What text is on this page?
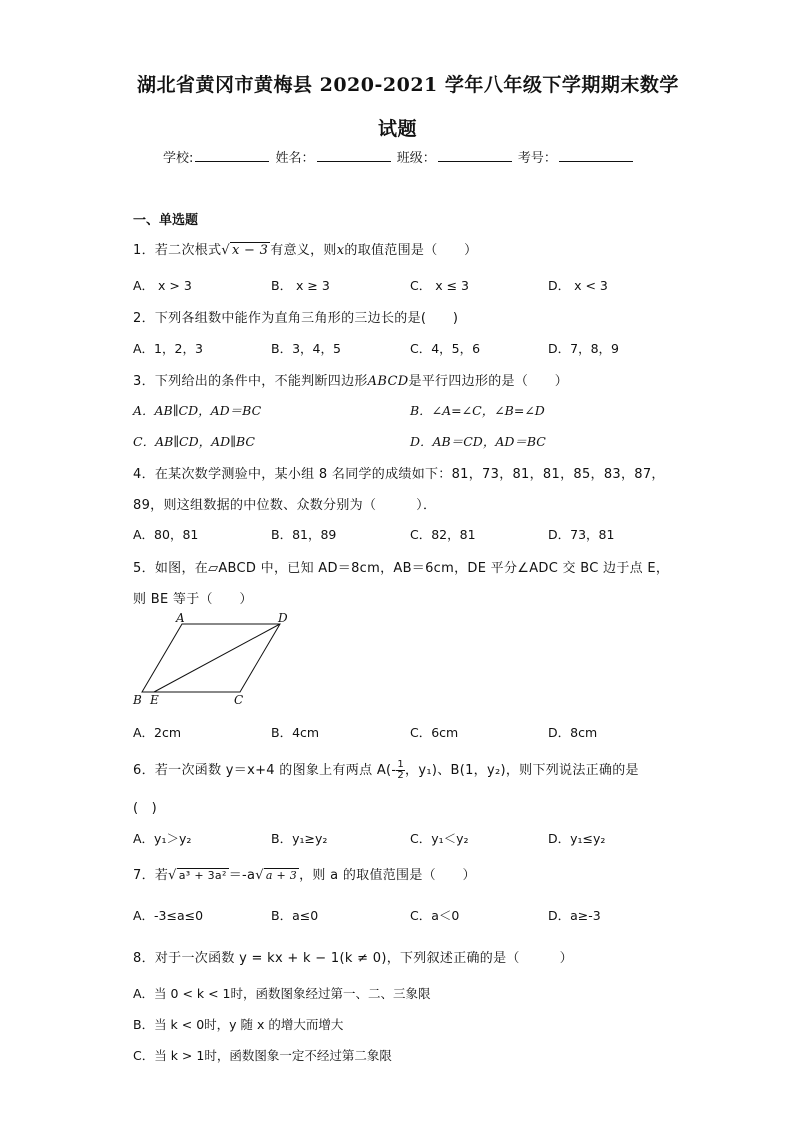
湖北省黄冈市黄梅县 2020-2021 学年八年级下学期期末数学
试题
学校:	姓名：	班级：	考号：
一、单选题
1．若二次根式√ x − 3 有意义，则x的取值范围是（　　）
A． x > 3	B． x ≥ 3	C． x ≤ 3	D． x < 3
2．下列各组数中能作为直角三角形的三边长的是(　　)
A．1，2，3	B．3，4，5	C．4，5，6	D．7，8，9
3．下列给出的条件中，不能判断四边形ABCD是平行四边形的是（　　）
A．AB∥CD，AD＝BC	B．∠A=∠C，∠B=∠D
C．AB∥CD，AD∥BC	D．AB＝CD，AD＝BC
4．在某次数学测验中，某小组 8 名同学的成绩如下：81，73，81，81，85，83，87，
89，则这组数据的中位数、众数分别为（　　　）．
A．80，81	B．81，89	C．82，81	D．73，81
5．如图，在▱ABCD 中，已知 AD＝8cm，AB＝6cm，DE 平分∠ADC 交 BC 边于点 E，
则 BE 等于（　　）
A	D
B E	C
A．2cm	B．4cm	C．6cm	D．8cm
6．若一次函数 y＝x+4 的图象上有两点 $A(- \frac{1}{2}$ ，y₁)、B(1，y₂)，则下列说法正确的是
(　)
A．y₁＞y₂	B．y₁≥y₂	C．y₁＜y₂	D．y₁≤y₂
7．若√ a³ + 3a² ＝-a√ a + 3 ，则 a 的取值范围是（　　）
A．-3≤a≤0	B．a≤0	C．a＜0	D．a≥-3
8．对于一次函数 y = kx + k − 1(k ≠ 0)，下列叙述正确的是（　　　）
A．当 0 < k < 1时，函数图象经过第一、二、三象限
B．当 k < 0时，y 随 x 的增大而增大
C．当 k > 1时，函数图象一定不经过第二象限
